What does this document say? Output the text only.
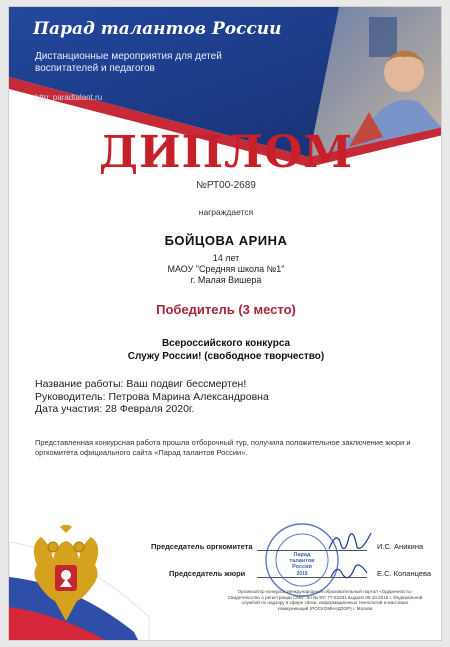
Парад талантов России
Дистанционные мероприятия для детей воспитателей и педагогов
http: paradtalant.ru
ДИПЛОМ
№РТ00-2689
награждается
БОЙЦОВА АРИНА
14 лет
МАОУ "Средняя школа №1"
г. Малая Вишера
Победитель (3 место)
Всероссийского конкурса
Служу России! (свободное творчество)
Название работы: Ваш подвиг бессмертен!
Руководитель: Петрова Марина Александровна
Дата участия: 28 Февраля 2020г.
Представленная конкурсная работа прошла отборочный тур, получила положительное заключение жюри и оргкомитета официального сайта «Парад талантов России».
Председатель оргкомитета	И.С. Аникина
Председатель жюри	Е.С. Копанцева
Парад
талантов
России
2019
Организатор конкурса: Международный образовательный портал «Одаренность» Свидетельство о регистрации СМИ: Эл № ФС 77-63331 выдано 09.10.2015 г. Федеральной службой по надзору в сфере связи, информационных технологий и массовых коммуникаций (РОСКОМНАДЗОР) г. Москва
